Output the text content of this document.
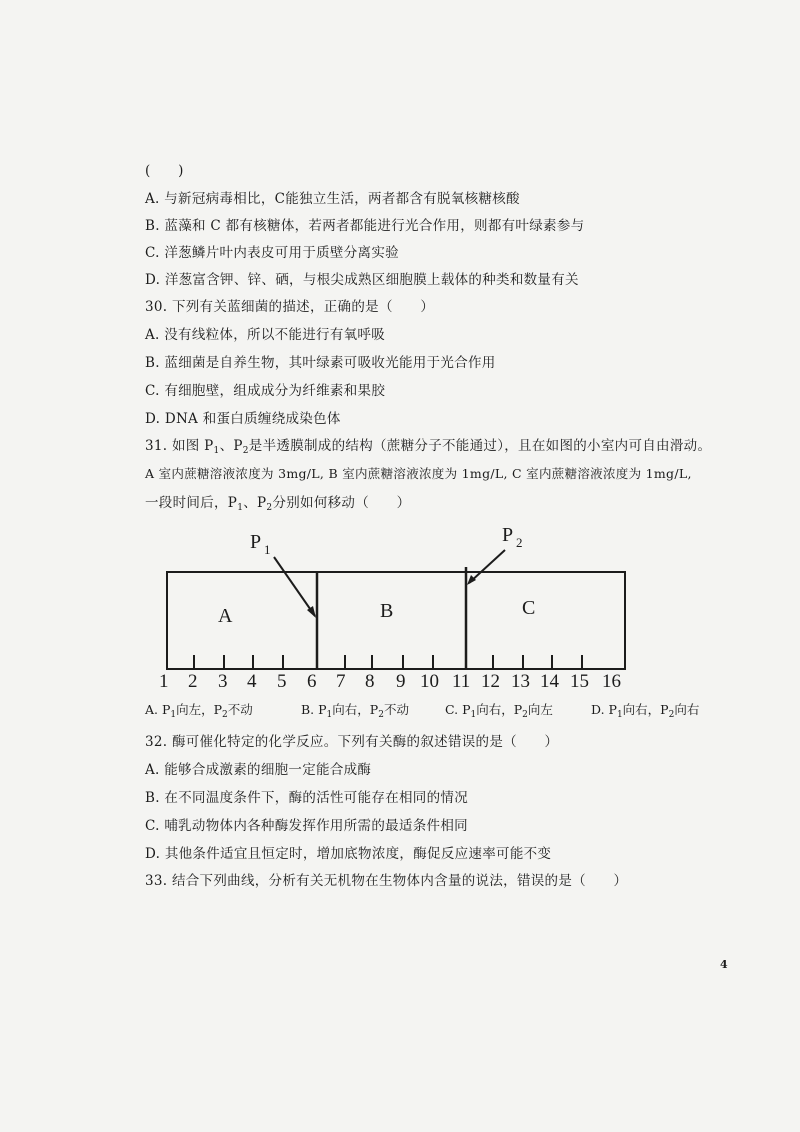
(　　)
A. 与新冠病毒相比，C能独立生活，两者都含有脱氧核糖核酸
B. 蓝藻和 C 都有核糖体，若两者都能进行光合作用，则都有叶绿素参与
C. 洋葱鳞片叶内表皮可用于质壁分离实验
D. 洋葱富含钾、锌、硒，与根尖成熟区细胞膜上载体的种类和数量有关
30. 下列有关蓝细菌的描述，正确的是（　　）
A. 没有线粒体，所以不能进行有氧呼吸
B. 蓝细菌是自养生物，其叶绿素可吸收光能用于光合作用
C. 有细胞壁，组成成分为纤维素和果胶
D. DNA 和蛋白质缠绕成染色体
31. 如图 $P_1$、$P_2$是半透膜制成的结构（蔗糖分子不能通过），且在如图的小室内可自由滑动。
A 室内蔗糖溶液浓度为 3mg/L, B 室内蔗糖溶液浓度为 1mg/L, C 室内蔗糖溶液浓度为 1mg/L,
一段时间后，$P_1$、$P_2$分别如何移动（　　）
P 1
P 2
A	B	C
1 2 3 4 5 6 7 8 9 10 11 12 13 14 15 16
A. $P_1$向左，$P_2$不动	B. $P_1$向右，$P_2$不动	C. $P_1$向右，$P_2$向左	D. $P_1$向右，$P_2$向右
32. 酶可催化特定的化学反应。下列有关酶的叙述错误的是（　　）
A. 能够合成激素的细胞一定能合成酶
B. 在不同温度条件下，酶的活性可能存在相同的情况
C. 哺乳动物体内各种酶发挥作用所需的最适条件相同
D. 其他条件适宜且恒定时，增加底物浓度，酶促反应速率可能不变
33. 结合下列曲线，分析有关无机物在生物体内含量的说法，错误的是（　　）
4
